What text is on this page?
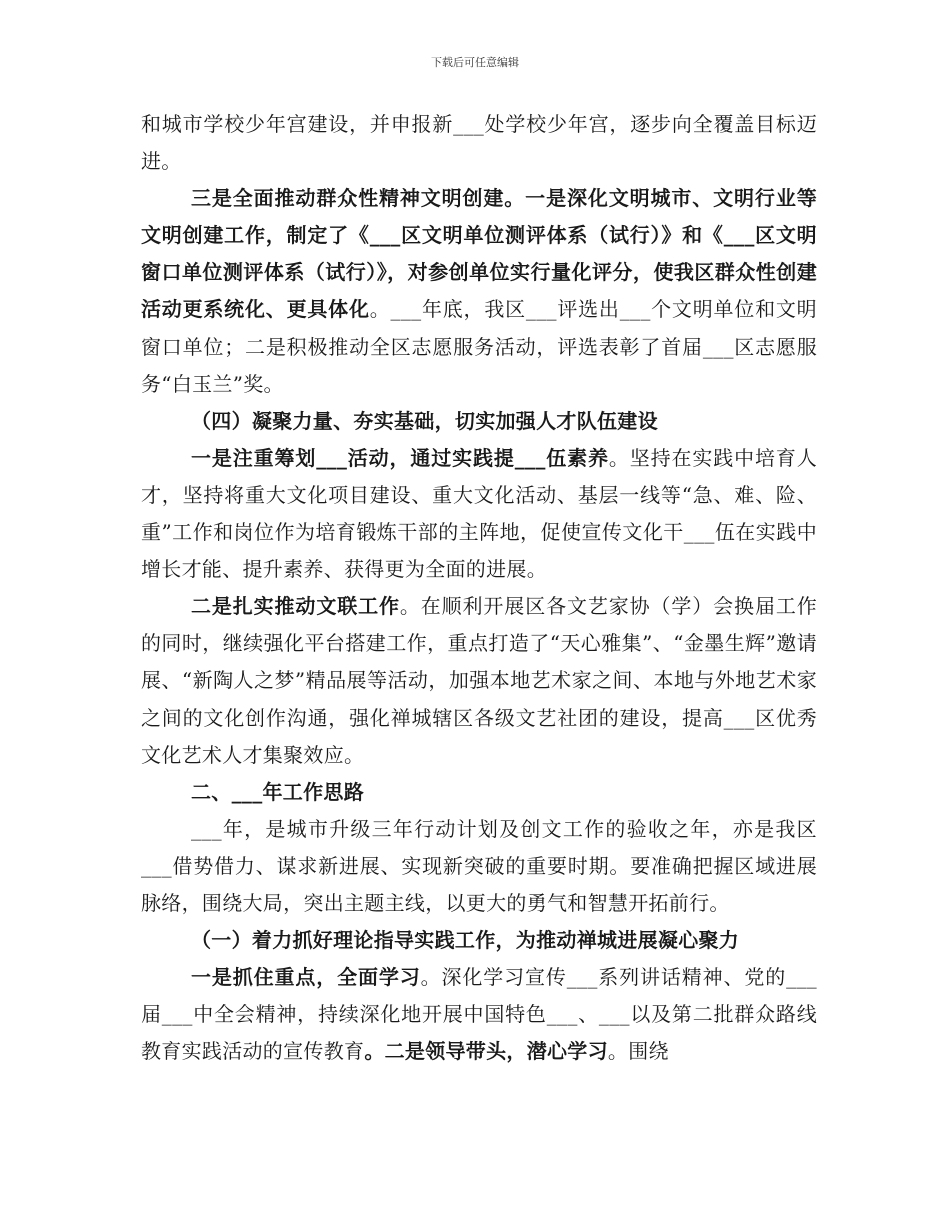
下载后可任意编辑

和城市学校少年宫建设，并申报新___处学校少年宫，逐步向全覆盖目标迈进。

三是全面推动群众性精神文明创建。一是深化文明城市、文明行业等文明创建工作，制定了《___区文明单位测评体系（试行）》和《___区文明窗口单位测评体系（试行）》，对参创单位实行量化评分，使我区群众性创建活动更系统化、更具体化。___年底，我区___评选出___个文明单位和文明窗口单位；二是积极推动全区志愿服务活动，评选表彰了首届___区志愿服务“白玉兰”奖。

（四）凝聚力量、夯实基础，切实加强人才队伍建设

一是注重筹划___活动，通过实践提___伍素养。坚持在实践中培育人才，坚持将重大文化项目建设、重大文化活动、基层一线等“急、难、险、重”工作和岗位作为培育锻炼干部的主阵地，促使宣传文化干___伍在实践中增长才能、提升素养、获得更为全面的进展。

二是扎实推动文联工作。在顺利开展区各文艺家协（学）会换届工作的同时，继续强化平台搭建工作，重点打造了“天心雅集”、“金墨生辉”邀请展、“新陶人之梦”精品展等活动，加强本地艺术家之间、本地与外地艺术家之间的文化创作沟通，强化禅城辖区各级文艺社团的建设，提高___区优秀文化艺术人才集聚效应。

二、___年工作思路

___年，是城市升级三年行动计划及创文工作的验收之年，亦是我区___借势借力、谋求新进展、实现新突破的重要时期。要准确把握区域进展脉络，围绕大局，突出主题主线，以更大的勇气和智慧开拓前行。

（一）着力抓好理论指导实践工作，为推动禅城进展凝心聚力

一是抓住重点，全面学习。深化学习宣传___系列讲话精神、党的___届___中全会精神，持续深化地开展中国特色___、___以及第二批群众路线教育实践活动的宣传教育。二是领导带头，潜心学习。围绕
